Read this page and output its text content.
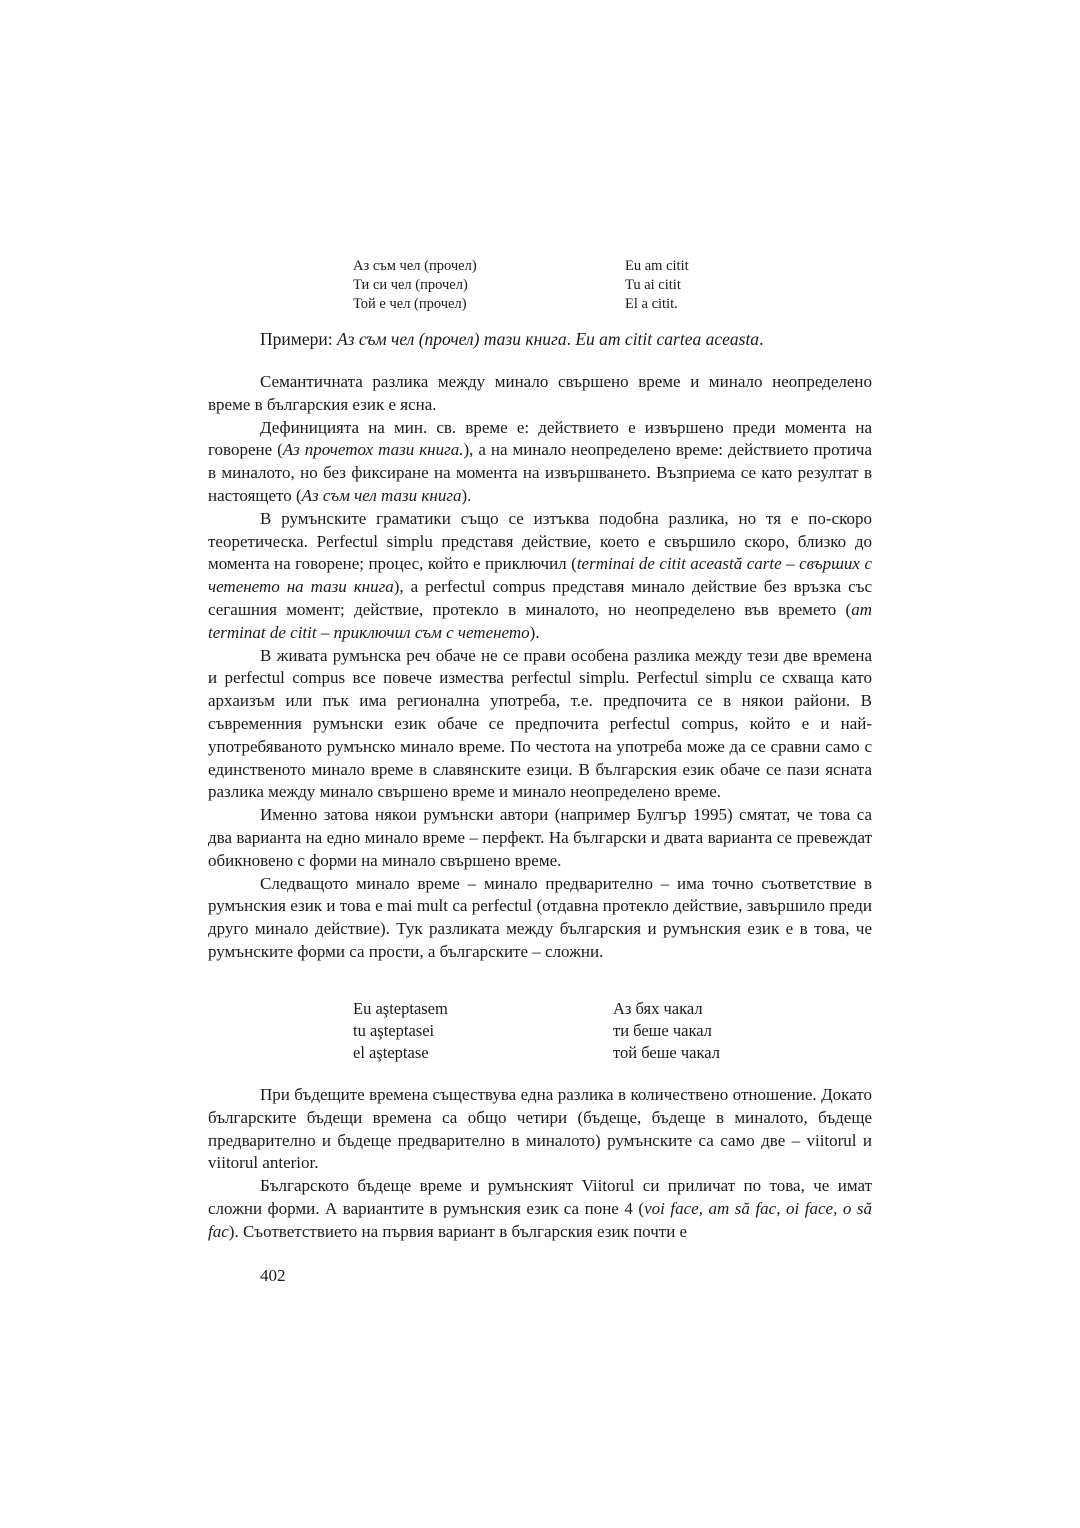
Аз съм чел (прочел)	Eu am citit
Ти си чел (прочел)	Tu ai citit
Той е чел (прочел)	El a citit.
Примери: Аз съм чел (прочел) тази книга. Eu am citit cartea aceasta.

Семантичната разлика между минало свършено време и минало неопределено време в българския език е ясна.

Дефиницията на мин. св. време е: действието е извършено преди момента на говорене (Аз прочетох тази книга.), а на минало неопределено време: действието протича в миналото, но без фиксиране на момента на извършването. Възприема се като резултат в настоящето (Аз съм чел тази книга).

В румънските граматики също се изтъква подобна разлика, но тя е по-скоро теоретическа. Perfectul simplu представя действие, което е свършило скоро, близко до момента на говорене; процес, който е приключил (terminai de citit această carte – свърших с четенето на тази книга), а perfectul compus представя минало действие без връзка със сегашния момент; действие, протекло в миналото, но неопределено във времето (am terminat de citit – приключил съм с четенето).

В живата румънска реч обаче не се прави особена разлика между тези две времена и perfectul compus все повече измества perfectul simplu. Perfectul simplu се схваща като архаизъм или пък има регионална употреба, т.е. предпочита се в някои райони. В съвременния румънски език обаче се предпочита perfectul compus, който е и най-употребяваното румънско минало време. По честота на употреба може да се сравни само с единственото минало време в славянските езици. В българския език обаче се пази ясната разлика между минало свършено време и минало неопределено време.

Именно затова някои румънски автори (например Булгър 1995) смятат, че това са два варианта на едно минало време – перфект. На български и двата варианта се превеждат обикновено с форми на минало свършено време.

Следващото минало време – минало предварително – има точно съответствие в румънския език и това е mai mult ca perfectul (отдавна протекло действие, завършило преди друго минало действие). Тук разликата между българския и румънския език е в това, че румънските форми са прости, а българските – сложни.

Eu aşteptasem	Аз бях чакал
tu aşteptasei	ти беше чакал
el aşteptase	той беше чакал

При бъдещите времена съществува една разлика в количествено отношение. Докато българските бъдещи времена са общо четири (бъдеще, бъдеще в миналото, бъдеще предварително и бъдеще предварително в миналото) румънските са само две – viitorul и viitorul anterior.

Българското бъдеще време и румънският Viitorul си приличат по това, че имат сложни форми. А вариантите в румънския език са поне 4 (voi face, am să fac, oi face, o să fac). Съответствието на първия вариант в българския език почти е

402
